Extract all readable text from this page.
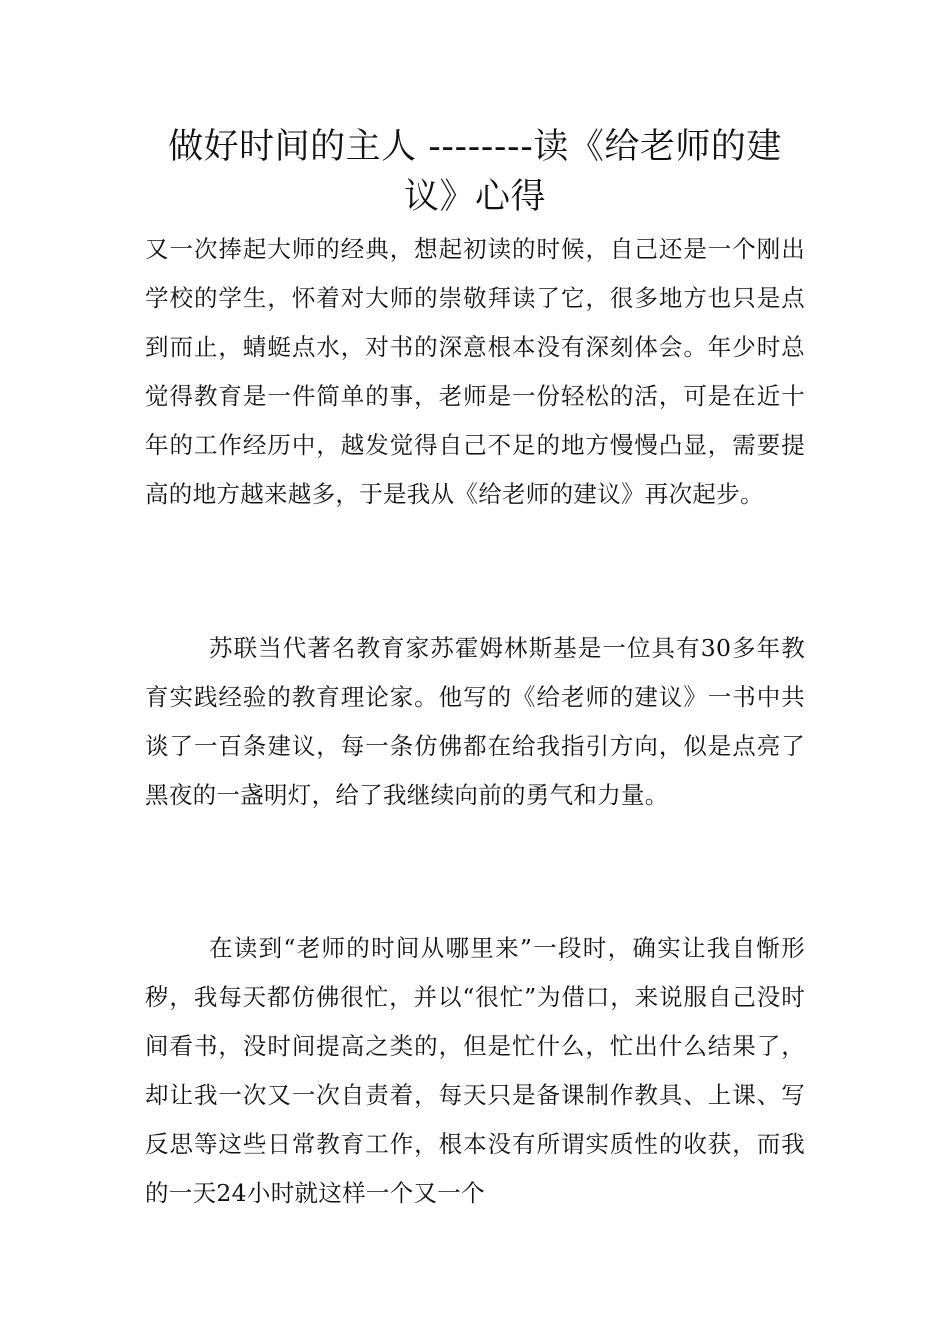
做好时间的主人 --------读《给老师的建议》心得

又一次捧起大师的经典，想起初读的时候，自己还是一个刚出学校的学生，怀着对大师的崇敬拜读了它，很多地方也只是点到而止，蜻蜓点水，对书的深意根本没有深刻体会。年少时总觉得教育是一件简单的事，老师是一份轻松的活，可是在近十年的工作经历中，越发觉得自己不足的地方慢慢凸显，需要提高的地方越来越多，于是我从《给老师的建议》再次起步。

苏联当代著名教育家苏霍姆林斯基是一位具有30多年教育实践经验的教育理论家。他写的《给老师的建议》一书中共谈了一百条建议，每一条仿佛都在给我指引方向，似是点亮了黑夜的一盏明灯，给了我继续向前的勇气和力量。

在读到“老师的时间从哪里来”一段时，确实让我自惭形秽，我每天都仿佛很忙，并以“很忙”为借口，来说服自己没时间看书，没时间提高之类的，但是忙什么，忙出什么结果了，却让我一次又一次自责着，每天只是备课制作教具、上课、写反思等这些日常教育工作，根本没有所谓实质性的收获，而我的一天24小时就这样一个又一个
